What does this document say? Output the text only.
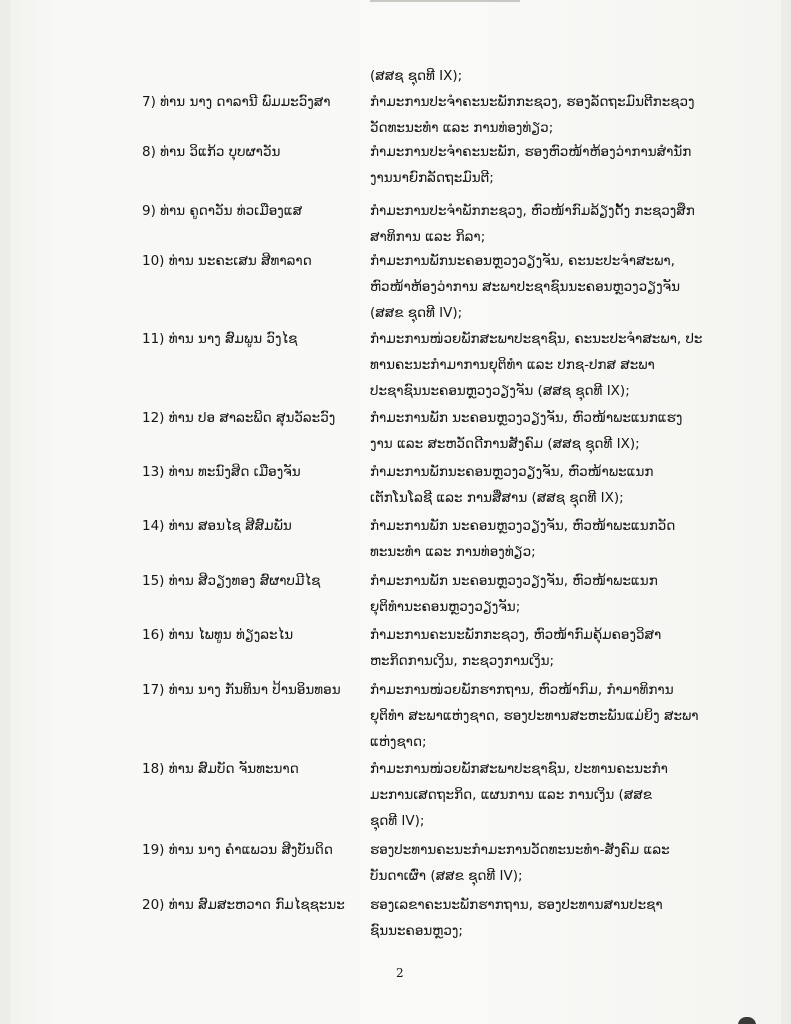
(ສສຊ ຊຸດທີ IX);
7) ທ່ານ ນາງ ດາລານີ ພົມມະວົງສາ	ກຳມະການປະຈຳຄະນະພັກກະຊວງ, ຮອງລັດຖະມົນຕີກະຊວງ
ວັດທະນະທຳ ແລະ ການທ່ອງທ່ຽວ;
8) ທ່ານ ວິແກ້ວ ບຸບຜາວັນ	ກຳມະການປະຈຳຄະນະພັກ, ຮອງຫົວໜ້າຫ້ອງວ່າການສຳນັກ
ງານນາຍົກລັດຖະມົນຕີ;
9) ທ່ານ ຄູດາວັນ ທ່ວເມືອງແສ	ກຳມະການປະຈຳພັກກະຊວງ, ຫົວໜ້າກົມລ້ຽງດັ້ງ ກະຊວງສຶກ
ສາທິການ ແລະ ກິລາ;
10) ທ່ານ ນະຄະເສນ ສີທາລາດ	ກຳມະການພັກນະຄອນຫຼວງວຽງຈັນ, ຄະນະປະຈຳສະພາ,
ຫົວໜ້າຫ້ອງວ່າການ ສະພາປະຊາຊົນນະຄອນຫຼວງວຽງຈັນ
(ສສຂ ຊຸດທີ IV);
11) ທ່ານ ນາງ ສົມພູນ ວົງໄຊ	ກຳມະການໜ່ວຍພັກສະພາປະຊາຊົນ, ຄະນະປະຈຳສະພາ, ປະ
ທານຄະນະກຳມາການຍຸຕິທຳ ແລະ ປກຊ-ປກສ ສະພາ
ປະຊາຊົນນະຄອນຫຼວງວຽງຈັນ (ສສຊ ຊຸດທີ IX);
12) ທ່ານ ປອ ສາລະພິດ ສຸນວັລະວົງ	ກຳມະການພັກ ນະຄອນຫຼວງວຽງຈັນ, ຫົວໜ້າພະແນກແຮງ
ງານ ແລະ ສະຫວັດດີການສັງຄົມ (ສສຊ ຊຸດທີ IX);
13) ທ່ານ ທະນົງສິດ ເມືອງຈັນ	ກຳມະການພັກນະຄອນຫຼວງວຽງຈັນ, ຫົວໜ້າພະແນກ
ເຕັກໂນໂລຊີ ແລະ ການສື່ສານ (ສສຊ ຊຸດທີ IX);
14) ທ່ານ ສອນໄຊ ສີສົມພັນ	ກຳມະການພັກ ນະຄອນຫຼວງວຽງຈັນ, ຫົວໜ້າພະແນກວັດ
ທະນະທຳ ແລະ ການທ່ອງທ່ຽວ;
15) ທ່ານ ສີວຽງທອງ ສົຜາບມີໄຊ	ກຳມະການພັກ ນະຄອນຫຼວງວຽງຈັນ, ຫົວໜ້າພະແນກ
ຍຸຕິທຳນະຄອນຫຼວງວຽງຈັນ;
16) ທ່ານ ໄພທູນ ທ່ຽງລະໄນ	ກຳມະການຄະນະພັກກະຊວງ, ຫົວໜ້າກົມຄຸ້ມຄອງວິສາ
ຫະກິດການເງິນ, ກະຊວງການເງິນ;
17) ທ່ານ ນາງ ກັນທິນາ ປ້ານອິນທອນ	ກຳມະການໜ່ວຍພັກຮາກຖານ, ຫົວໜ້າກົມ, ກຳມາທິການ
ຍຸຕິທຳ ສະພາແຫ່ງຊາດ, ຮອງປະທານສະຫະພັນແມ່ຍິງ ສະພາ
ແຫ່ງຊາດ;
18) ທ່ານ ສົມບັດ ຈັນທະນາດ	ກຳມະການໜ່ວຍພັກສະພາປະຊາຊົນ, ປະທານຄະນະກຳ
ມະການເສດຖະກິດ, ແຜນການ ແລະ ການເງິນ (ສສຂ
ຊຸດທີ IV);
19) ທ່ານ ນາງ ຄຳແພວນ ສີງບັນດິດ	ຮອງປະທານຄະນະກຳມະການວັດທະນະທຳ-ສັງຄົມ ແລະ
ບັນດາເຜົ່າ (ສສຂ ຊຸດທີ IV);
20) ທ່ານ ສົມສະຫວາດ ກົມໄຊຊະນະ	ຮອງເລຂາຄະນະພັກຮາກຖານ, ຮອງປະທານສານປະຊາ
ຊົນນະຄອນຫຼວງ;
2
